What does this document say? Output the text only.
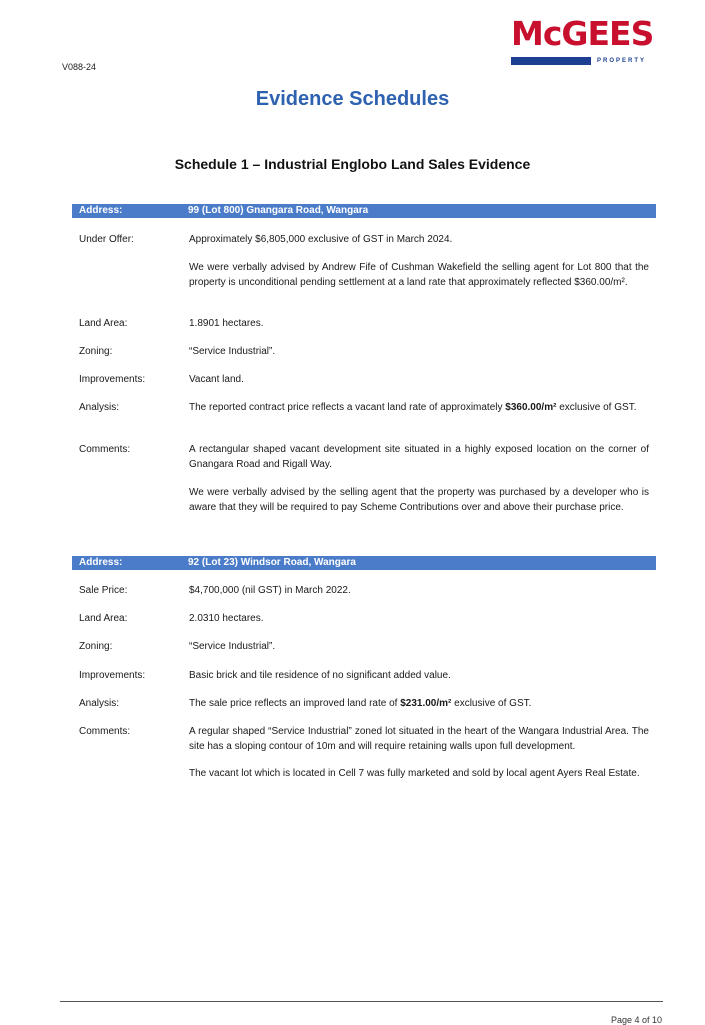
McGEES
PROPERTY
V088-24
Evidence Schedules
Schedule 1 – Industrial Englobo Land Sales Evidence
Address:	99 (Lot 800) Gnangara Road, Wangara
Under Offer:	Approximately $6,805,000 exclusive of GST in March 2024.
We were verbally advised by Andrew Fife of Cushman Wakefield the selling agent for Lot 800 that the property is unconditional pending settlement at a land rate that approximately reflected $360.00/m².
Land Area:	1.8901 hectares.
Zoning:	“Service Industrial”.
Improvements:	Vacant land.
Analysis:	The reported contract price reflects a vacant land rate of approximately $360.00/m² exclusive of GST.
Comments:	A rectangular shaped vacant development site situated in a highly exposed location on the corner of Gnangara Road and Rigall Way.
We were verbally advised by the selling agent that the property was purchased by a developer who is aware that they will be required to pay Scheme Contributions over and above their purchase price.
Address:	92 (Lot 23) Windsor Road, Wangara
Sale Price:	$4,700,000 (nil GST) in March 2022.
Land Area:	2.0310 hectares.
Zoning:	“Service Industrial”.
Improvements:	Basic brick and tile residence of no significant added value.
Analysis:	The sale price reflects an improved land rate of $231.00/m² exclusive of GST.
Comments:	A regular shaped “Service Industrial” zoned lot situated in the heart of the Wangara Industrial Area. The site has a sloping contour of 10m and will require retaining walls upon full development.
The vacant lot which is located in Cell 7 was fully marketed and sold by local agent Ayers Real Estate.
Page 4 of 10
